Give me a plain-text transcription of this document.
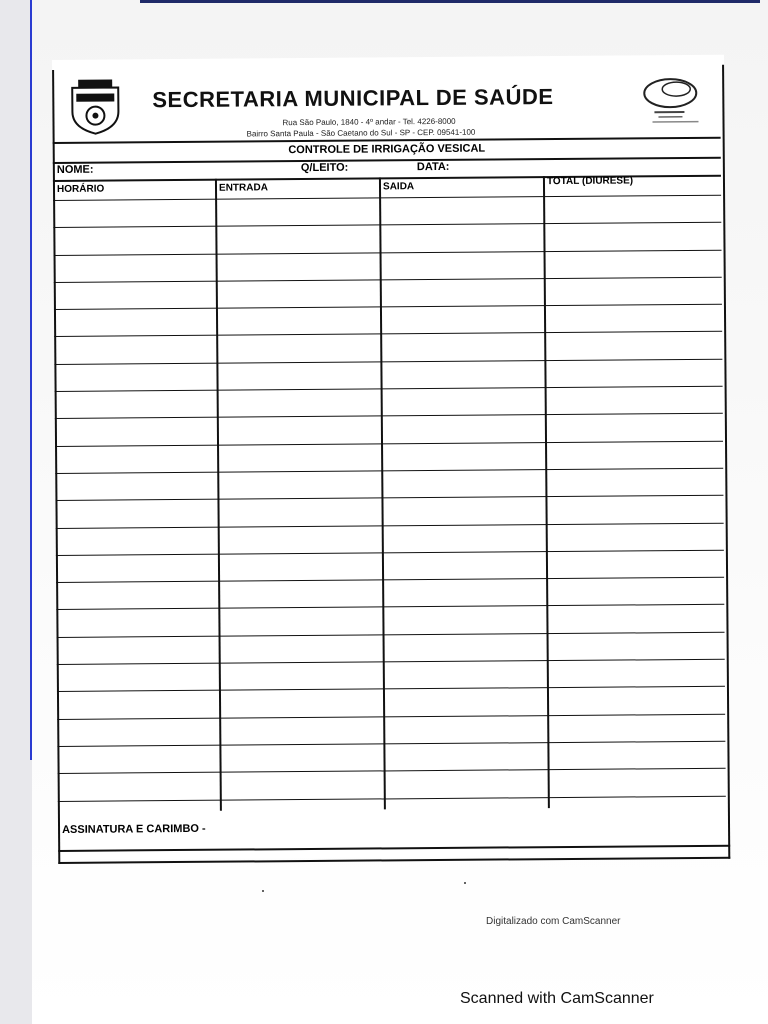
SECRETARIA MUNICIPAL DE SAÚDE
Rua São Paulo, 1840 - 4º andar - Tel. 4226-8000
Bairro Santa Paula - São Caetano do Sul - SP - CEP. 09541-100
CONTROLE DE IRRIGAÇÃO VESICAL
NOME:	Q/LEITO:	DATA:
HORÁRIO	ENTRADA	SAIDA	TOTAL (DIURESE)
ASSINATURA E CARIMBO -
Digitalizado com CamScanner
Scanned with CamScanner
